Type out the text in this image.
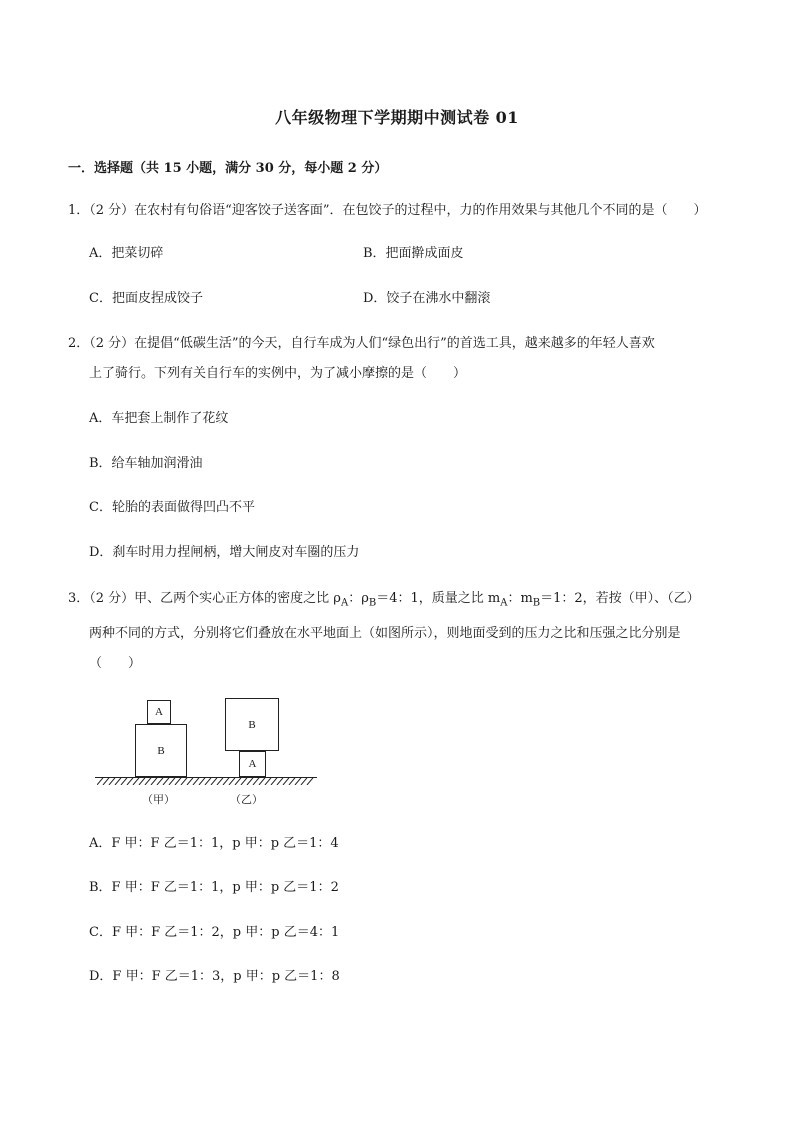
八年级物理下学期期中测试卷 01
一．选择题（共 15 小题，满分 30 分，每小题 2 分）

1．（2 分）在农村有句俗语“迎客饺子送客面”．在包饺子的过程中，力的作用效果与其他几个不同的是（　　）

A．把菜切碎	B．把面擀成面皮
C．把面皮捏成饺子	D．饺子在沸水中翻滚

2．（2 分）在提倡“低碳生活”的今天，自行车成为人们“绿色出行”的首选工具，越来越多的年轻人喜欢

上了骑行。下列有关自行车的实例中，为了减小摩擦的是（　　）

A．车把套上制作了花纹
B．给车轴加润滑油
C．轮胎的表面做得凹凸不平
D．刹车时用力捏闸柄，增大闸皮对车圈的压力

3．（2 分）甲、乙两个实心正方体的密度之比 $\rho_A$：$\rho_B=4$：1，质量之比 $m_A$：$m_B=1$：2，若按（甲）、（乙）

两种不同的方式，分别将它们叠放在水平地面上（如图所示），则地面受到的压力之比和压强之比分别是

（　　）

A
B
B
A
（甲）	（乙）
A．F 甲：F 乙＝1：1，p 甲：p 乙＝1：4
B．F 甲：F 乙＝1：1，p 甲：p 乙＝1：2
C．F 甲：F 乙＝1：2，p 甲：p 乙＝4：1
D．F 甲：F 乙＝1：3，p 甲：p 乙＝1：8
